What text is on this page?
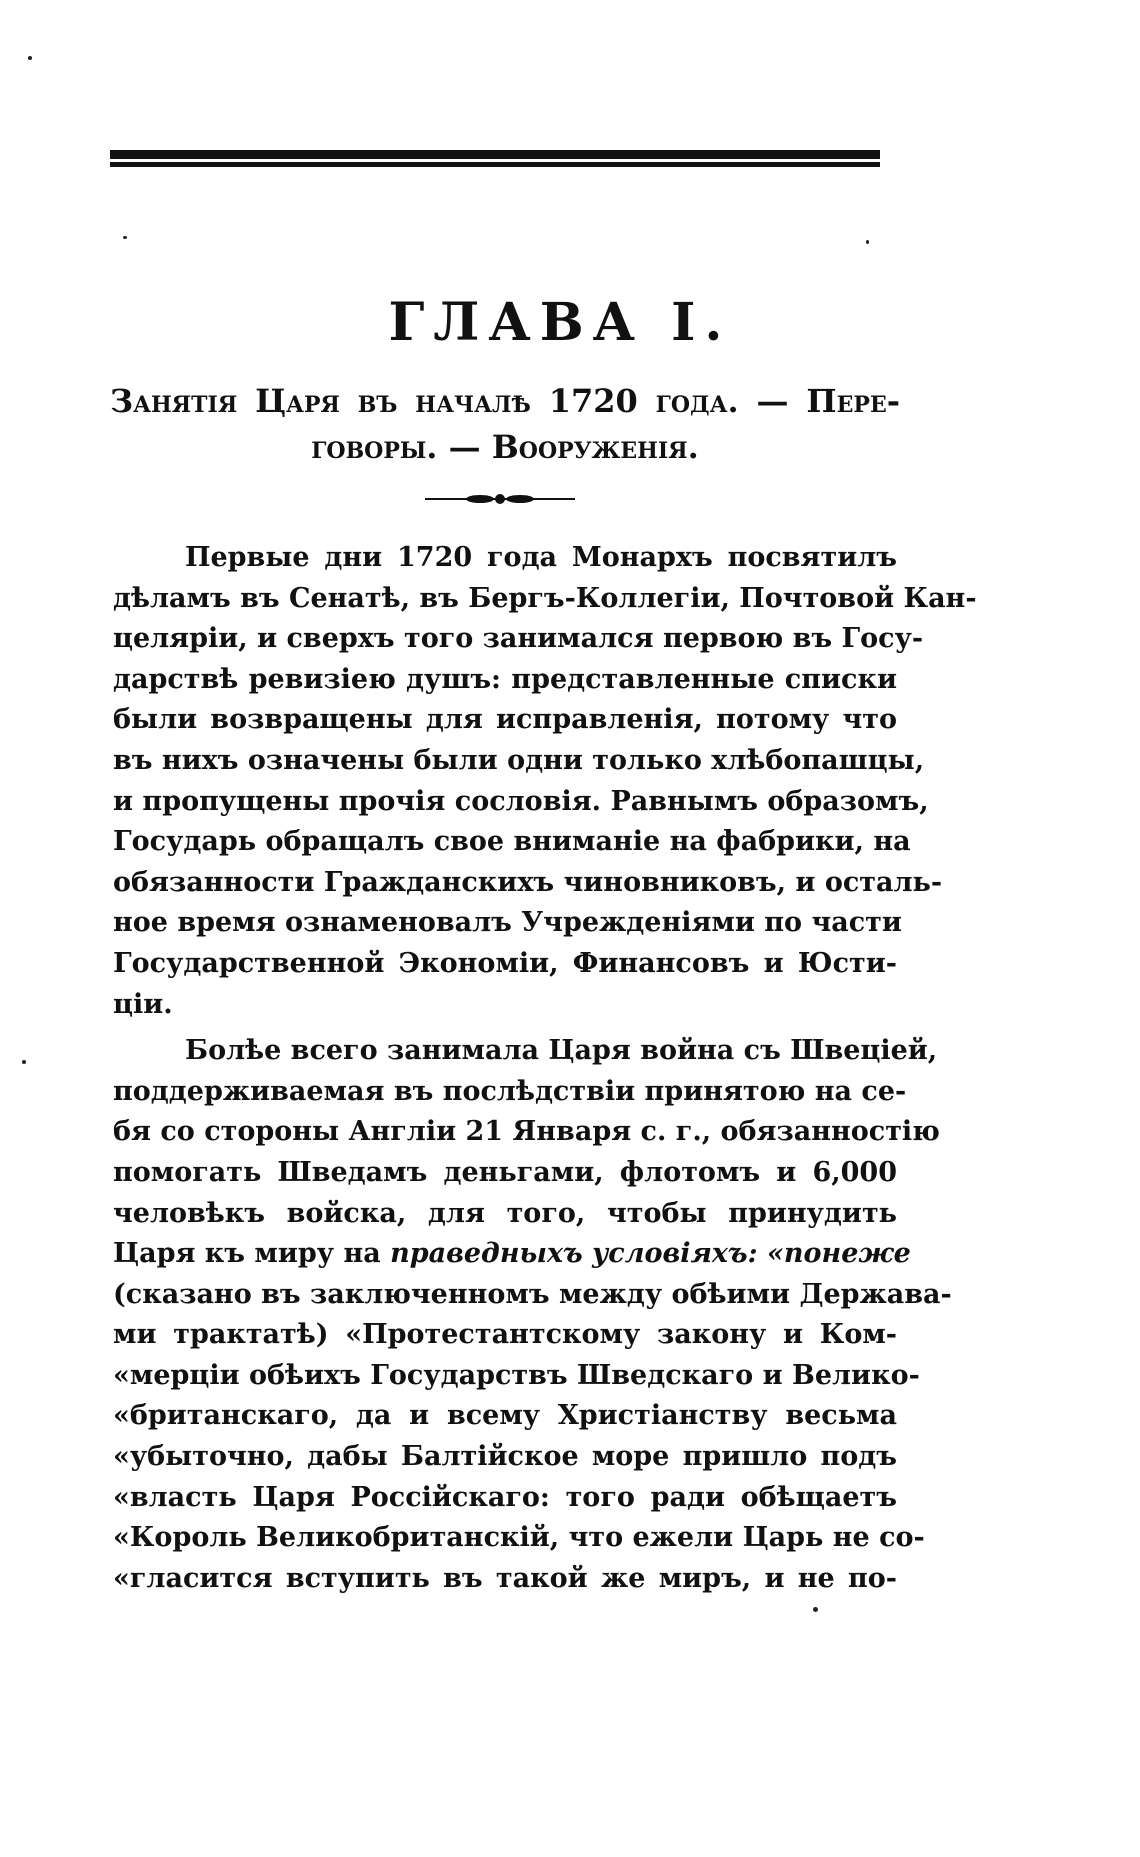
ГЛАВА I.
Занятія Царя въ началѣ 1720 года. — Пере-
говоры. — Вооруженія.
Первые дни 1720 года Монархъ посвятилъ
дѣламъ въ Сенатѣ, въ Бергъ-Коллегіи, Почтовой Кан-
целяріи, и сверхъ того занимался первою въ Госу-
дарствѣ ревизіею душъ: представленные списки
были возвращены для исправленія, потому что
въ нихъ означены были одни только хлѣбопашцы,
и пропущены прочія сословія. Равнымъ образомъ,
Государь обращалъ свое вниманіе на фабрики, на
обязанности Гражданскихъ чиновниковъ, и осталь-
ное время ознаменовалъ Учрежденіями по части
Государственной Экономіи, Финансовъ и Юсти-
ціи.
Болѣе всего занимала Царя война съ Швеціей,
поддерживаемая въ послѣдствіи принятою на се-
бя со стороны Англіи 21 Января с. г., обязанностію
помогать Шведамъ деньгами, флотомъ и 6,000
человѣкъ войска, для того, чтобы принудить
Царя къ миру на праведныхъ условіяхъ: «понеже
(сказано въ заключенномъ между обѣими Держава-
ми трактатѣ) «Протестантскому закону и Ком-
«мерціи обѣихъ Государствъ Шведскаго и Велико-
«британскаго, да и всему Христіанству весьма
«убыточно, дабы Балтійское море пришло подъ
«власть Царя Россійскаго: того ради обѣщаетъ
«Король Великобританскій, что ежели Царь не со-
«гласится вступить въ такой же миръ, и не по-
